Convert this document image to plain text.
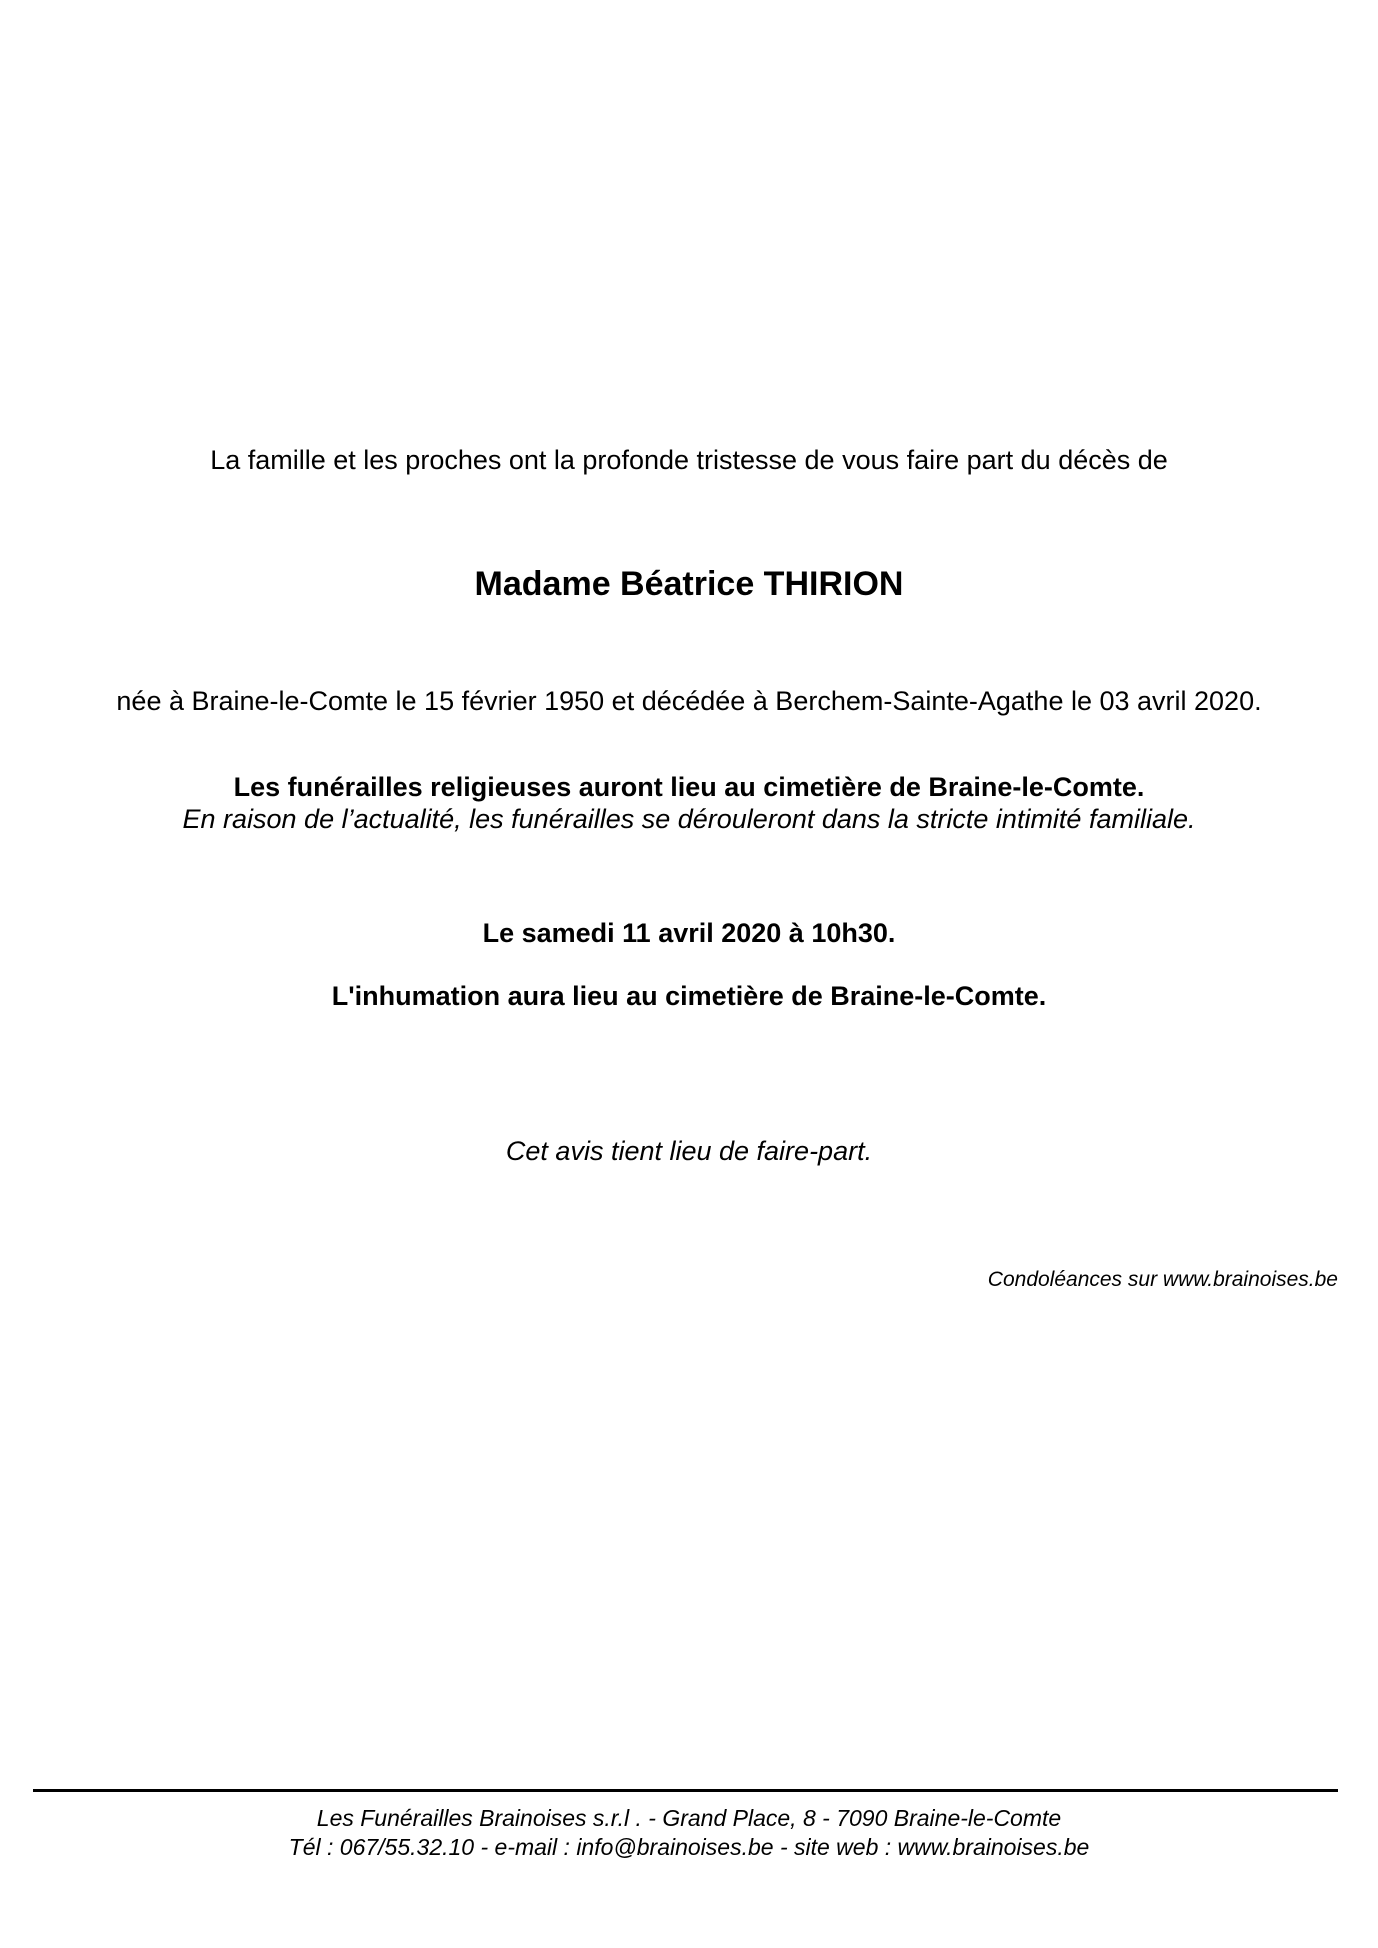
La famille et les proches ont la profonde tristesse de vous faire part du décès de
Madame Béatrice THIRION
née à Braine-le-Comte le 15 février 1950 et décédée à Berchem-Sainte-Agathe le 03 avril 2020.
Les funérailles religieuses auront lieu au cimetière de Braine-le-Comte.
En raison de l’actualité, les funérailles se dérouleront dans la stricte intimité familiale.
Le samedi 11 avril 2020 à 10h30.
L'inhumation aura lieu au cimetière de Braine-le-Comte.
Cet avis tient lieu de faire-part.
Condoléances sur www.brainoises.be
Les Funérailles Brainoises s.r.l . - Grand Place, 8 - 7090 Braine-le-Comte
Tél : 067/55.32.10 - e-mail : info@brainoises.be - site web : www.brainoises.be
